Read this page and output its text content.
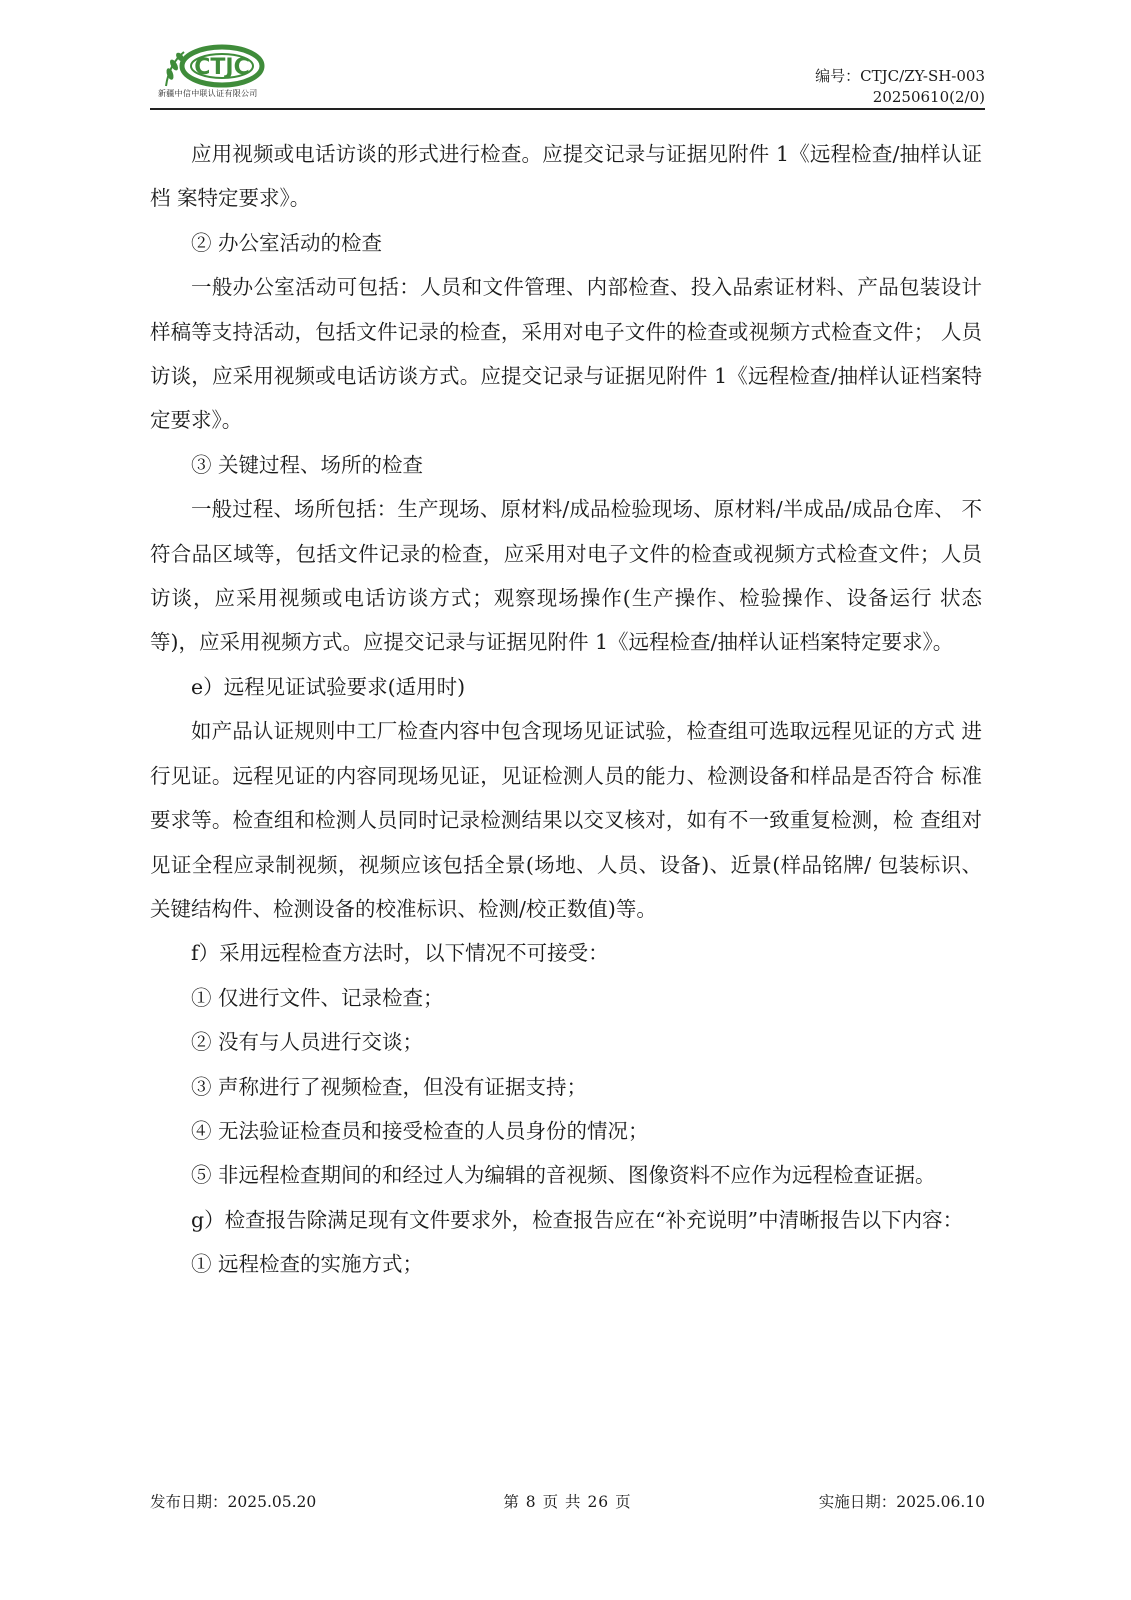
CTJC
新疆中信中联认证有限公司
编号：CTJC/ZY-SH-003
20250610(2/0)

应用视频或电话访谈的形式进行检查。应提交记录与证据见附件 1《远程检查/抽样认证档 案特定要求》。

② 办公室活动的检查

一般办公室活动可包括：人员和文件管理、内部检查、投入品索证材料、产品包装设计样稿等支持活动，包括文件记录的检查，采用对电子文件的检查或视频方式检查文件； 人员访谈，应采用视频或电话访谈方式。应提交记录与证据见附件 1《远程检查/抽样认证档案特定要求》。

③ 关键过程、场所的检查

一般过程、场所包括：生产现场、原材料/成品检验现场、原材料/半成品/成品仓库、 不符合品区域等，包括文件记录的检查，应采用对电子文件的检查或视频方式检查文件；人员访谈，应采用视频或电话访谈方式；观察现场操作(生产操作、检验操作、设备运行 状态等)，应采用视频方式。应提交记录与证据见附件 1《远程检查/抽样认证档案特定要求》。

e）远程见证试验要求(适用时)

如产品认证规则中工厂检查内容中包含现场见证试验，检查组可选取远程见证的方式 进行见证。远程见证的内容同现场见证，见证检测人员的能力、检测设备和样品是否符合 标准要求等。检查组和检测人员同时记录检测结果以交叉核对，如有不一致重复检测，检 查组对见证全程应录制视频，视频应该包括全景(场地、人员、设备)、近景(样品铭牌/ 包装标识、关键结构件、检测设备的校准标识、检测/校正数值)等。

f）采用远程检查方法时，以下情况不可接受：

① 仅进行文件、记录检查；

② 没有与人员进行交谈；

③ 声称进行了视频检查，但没有证据支持；

④ 无法验证检查员和接受检查的人员身份的情况；

⑤ 非远程检查期间的和经过人为编辑的音视频、图像资料不应作为远程检查证据。

g）检查报告除满足现有文件要求外，检查报告应在“补充说明”中清晰报告以下内容：

① 远程检查的实施方式；

发布日期：2025.05.20	第 8 页 共 26 页	实施日期：2025.06.10
